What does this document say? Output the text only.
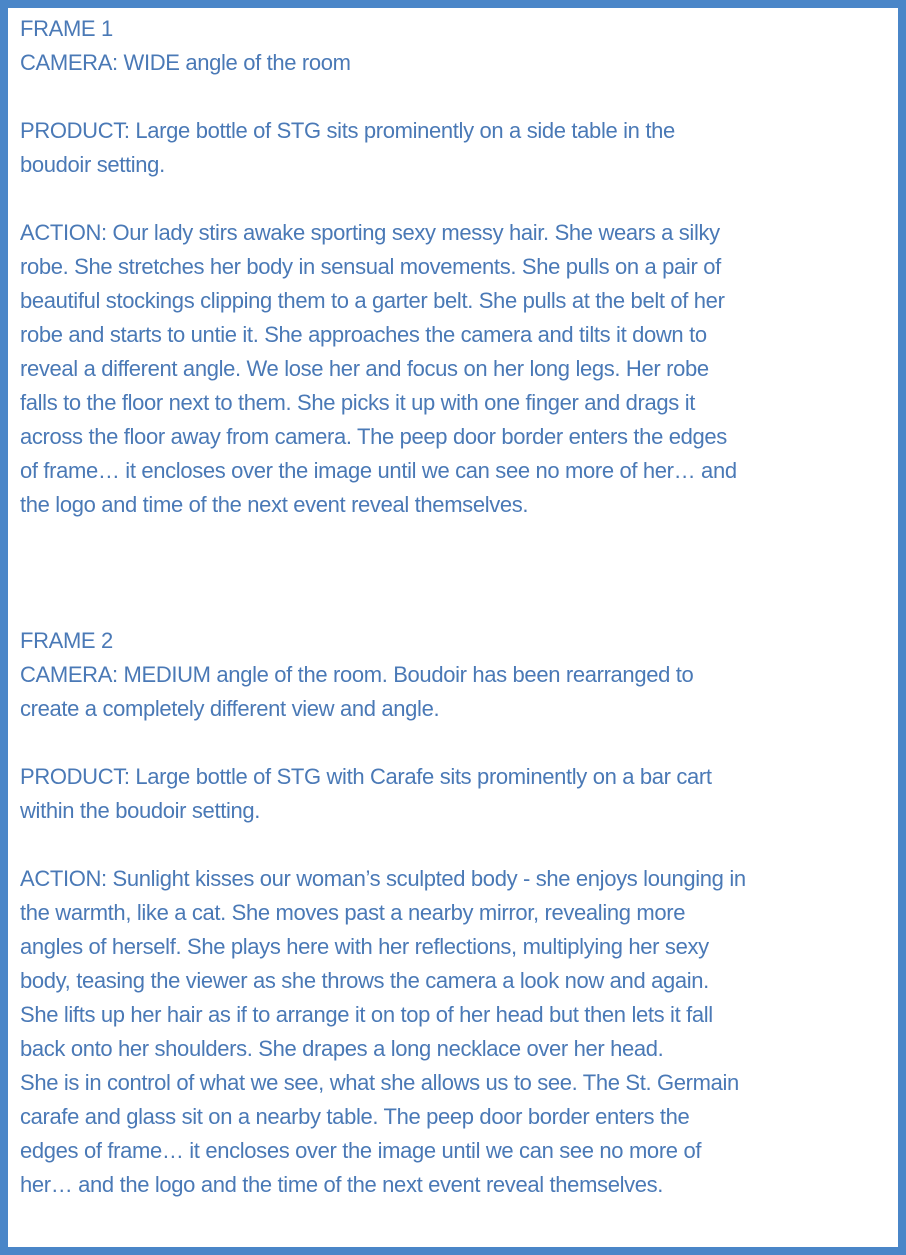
FRAME 1
CAMERA: WIDE angle of the room
PRODUCT: Large bottle of STG sits prominently on a side table in the
boudoir setting.
ACTION: Our lady stirs awake sporting sexy messy hair. She wears a silky
robe. She stretches her body in sensual movements. She pulls on a pair of
beautiful stockings clipping them to a garter belt. She pulls at the belt of her
robe and starts to untie it. She approaches the camera and tilts it down to
reveal a different angle. We lose her and focus on her long legs. Her robe
falls to the floor next to them. She picks it up with one finger and drags it
across the floor away from camera. The peep door border enters the edges
of frame… it encloses over the image until we can see no more of her… and
the logo and time of the next event reveal themselves.
FRAME 2
CAMERA: MEDIUM angle of the room. Boudoir has been rearranged to
create a completely different view and angle.
PRODUCT: Large bottle of STG with Carafe sits prominently on a bar cart
within the boudoir setting.
ACTION: Sunlight kisses our woman’s sculpted body - she enjoys lounging in
the warmth, like a cat. She moves past a nearby mirror, revealing more
angles of herself. She plays here with her reflections, multiplying her sexy
body, teasing the viewer as she throws the camera a look now and again.
She lifts up her hair as if to arrange it on top of her head but then lets it fall
back onto her shoulders. She drapes a long necklace over her head.
She is in control of what we see, what she allows us to see. The St. Germain
carafe and glass sit on a nearby table. The peep door border enters the
edges of frame… it encloses over the image until we can see no more of
her… and the logo and the time of the next event reveal themselves.
